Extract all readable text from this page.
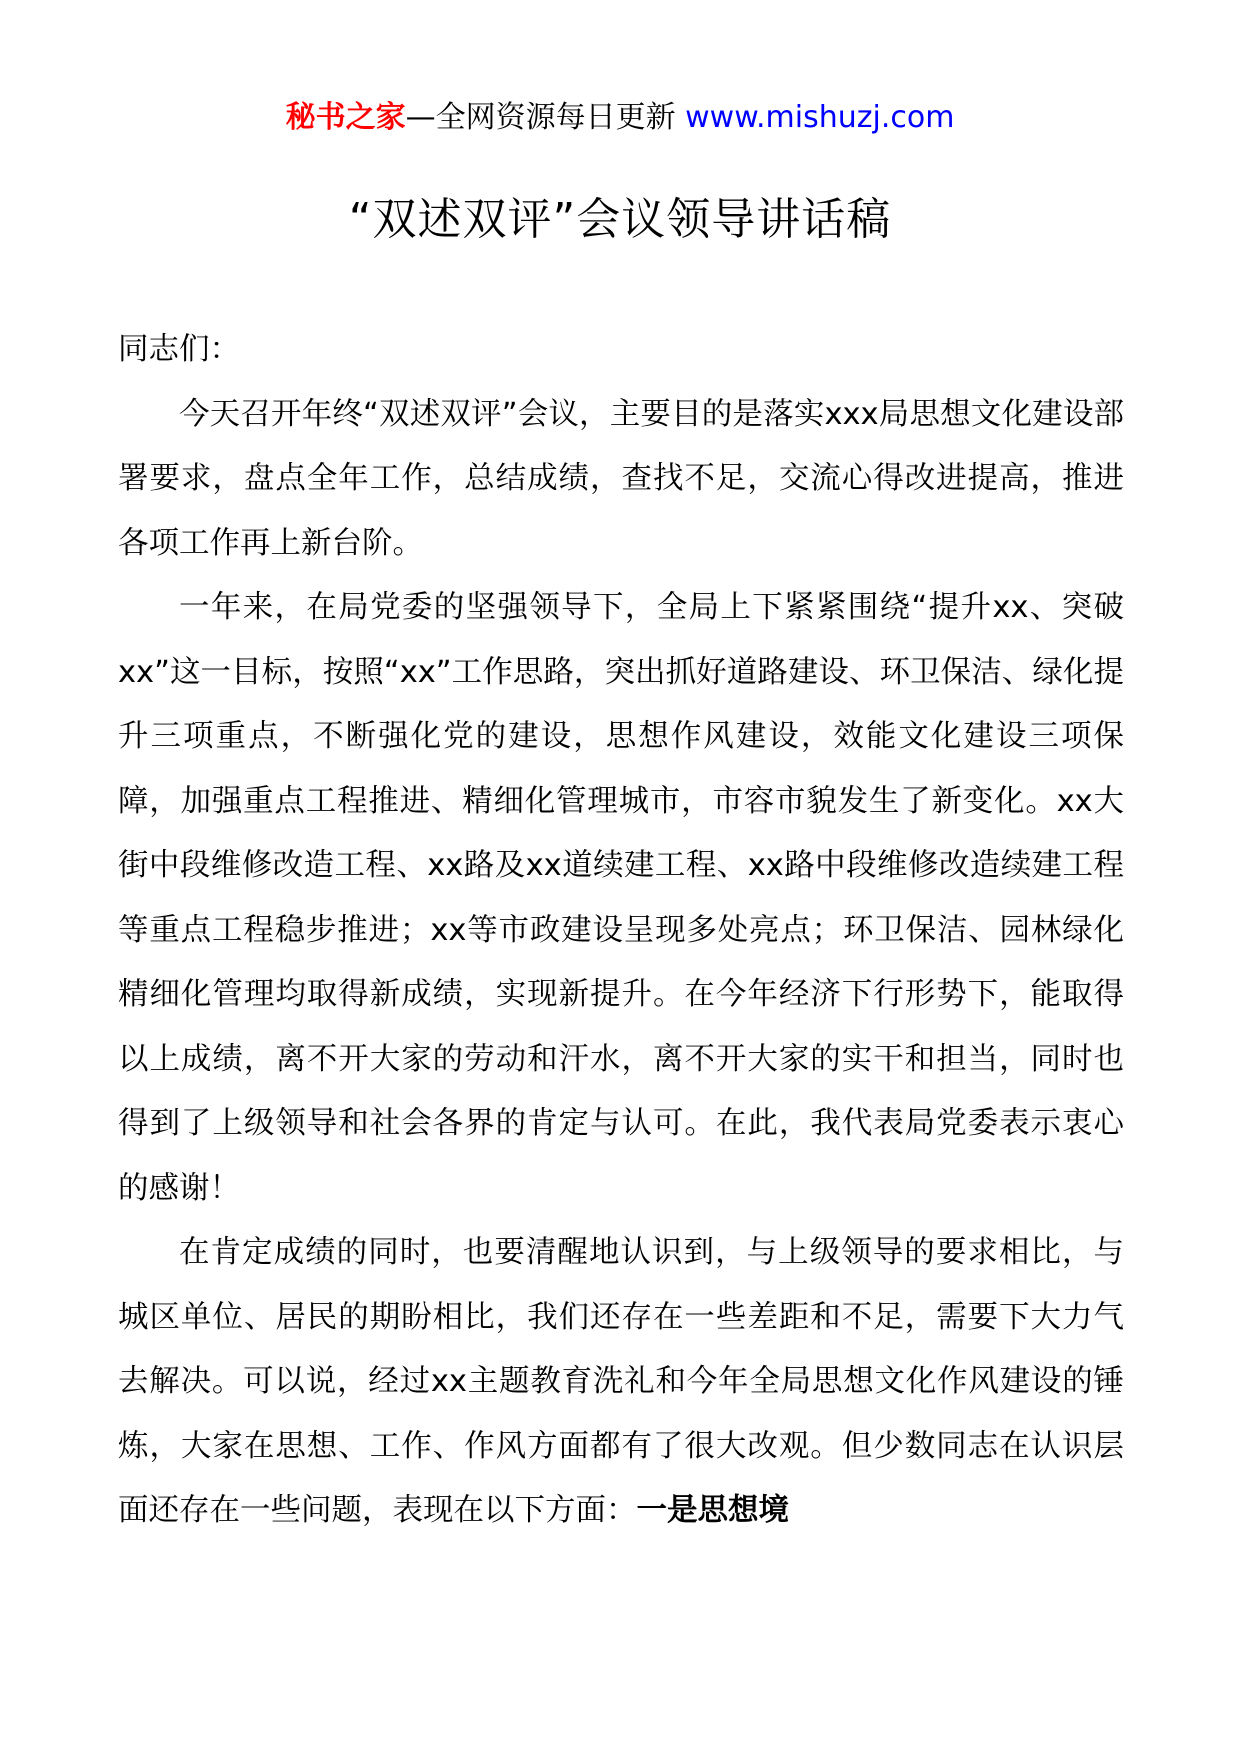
秘书之家—全网资源每日更新 www.mishuzj.com
“双述双评”会议领导讲话稿

同志们：

今天召开年终“双述双评”会议，主要目的是落实xxx局思想文化建设部署要求，盘点全年工作，总结成绩，查找不足，交流心得改进提高，推进各项工作再上新台阶。

一年来，在局党委的坚强领导下，全局上下紧紧围绕“提升xx、突破xx”这一目标，按照“xx”工作思路，突出抓好道路建设、环卫保洁、绿化提升三项重点，不断强化党的建设，思想作风建设，效能文化建设三项保障，加强重点工程推进、精细化管理城市，市容市貌发生了新变化。xx大街中段维修改造工程、xx路及xx道续建工程、xx路中段维修改造续建工程等重点工程稳步推进；xx等市政建设呈现多处亮点；环卫保洁、园林绿化精细化管理均取得新成绩，实现新提升。在今年经济下行形势下，能取得以上成绩，离不开大家的劳动和汗水，离不开大家的实干和担当，同时也得到了上级领导和社会各界的肯定与认可。在此，我代表局党委表示衷心的感谢！

在肯定成绩的同时，也要清醒地认识到，与上级领导的要求相比，与城区单位、居民的期盼相比，我们还存在一些差距和不足，需要下大力气去解决。可以说，经过xx主题教育洗礼和今年全局思想文化作风建设的锤炼，大家在思想、工作、作风方面都有了很大改观。但少数同志在认识层面还存在一些问题，表现在以下方面：一是思想境
